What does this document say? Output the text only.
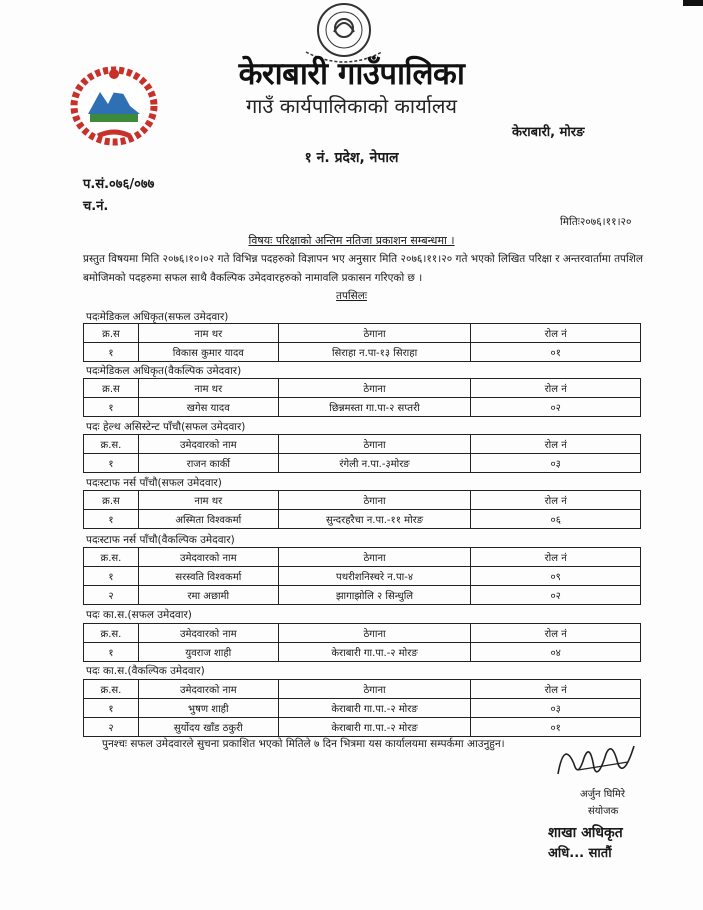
केराबारी गाउँपालिका
गाउँ कार्यपालिकाको कार्यालय
केराबारी, मोरङ
१ नं. प्रदेश, नेपाल
प.सं.०७६/०७७
च.नं.
मितिः२०७६।११।२०
विषयः परिक्षाको अन्तिम नतिजा प्रकाशन सम्बन्धमा ।
प्रस्तुत विषयमा मिति २०७६।१०।०२ गते विभिन्न पदहरुको विज्ञापन भए अनुसार मिति २०७६।११।२० गते भएको लिखित परिक्षा र अन्तरवार्तामा तपशिल बमोजिमको पदहरुमा सफल साथै वैकल्पिक उमेदवारहरुको नामावलि प्रकासन गरिएको छ ।
तपसिलः
पदःमेडिकल अधिकृत(सफल उमेदवार)
क्र.स	नाम थर	ठेगाना	रोल नं
१	विकास कुमार यादव	सिराहा न.पा-१३ सिराहा	०१
पदःमेडिकल अधिकृत(वैकल्पिक उमेदवार)
क्र.स	नाम थर	ठेगाना	रोल नं
१	खगेस यादव	छिन्नमस्ता गा.पा-२ सप्तरी	०२
पदः हेल्थ असिस्टेन्ट पाँचौ(सफल उमेदवार)
क्र.स.	उमेदवारको नाम	ठेगाना	रोल नं
१	राजन कार्की	रंगेली न.पा.-३मोरङ	०३
पदःस्टाफ नर्स पाँचौ(सफल उमेदवार)
क्र.स	नाम थर	ठेगाना	रोल नं
१	अस्मिता विश्वकर्मा	सुन्दरहरैचा न.पा.-११ मोरङ	०६
पदःस्टाफ नर्स पाँचौ(वैकल्पिक उमेदवार)
क्र.स.	उमेदवारको नाम	ठेगाना	रोल नं
१	सरस्वति विश्वकर्मा	पथरीशनिस्चरे न.पा-४	०९
२	रमा अछामी	झागाझोलि २ सिन्धुलि	०२
पदः का.स.(सफल उमेदवार)
क्र.स.	उमेदवारको नाम	ठेगाना	रोल नं
१	युवराज शाही	केराबारी गा.पा.-२ मोरङ	०४
पदः का.स.(वैकल्पिक उमेदवार)
क्र.स.	उमेदवारको नाम	ठेगाना	रोल नं
१	भुषण शाही	केराबारी गा.पा.-२ मोरङ	०३
२	सुर्योदय खाँड ठकुरी	केराबारी गा.पा.-२ मोरङ	०१
पुनश्चः सफल उमेदवारले सुचना प्रकाशित भएको मितिले ७ दिन भित्रमा यस कार्यालयमा सम्पर्कमा आउनुहुन।
अर्जुन घिमिरे
संयोजक
शाखा अधिकृत
अधि... सातौं
